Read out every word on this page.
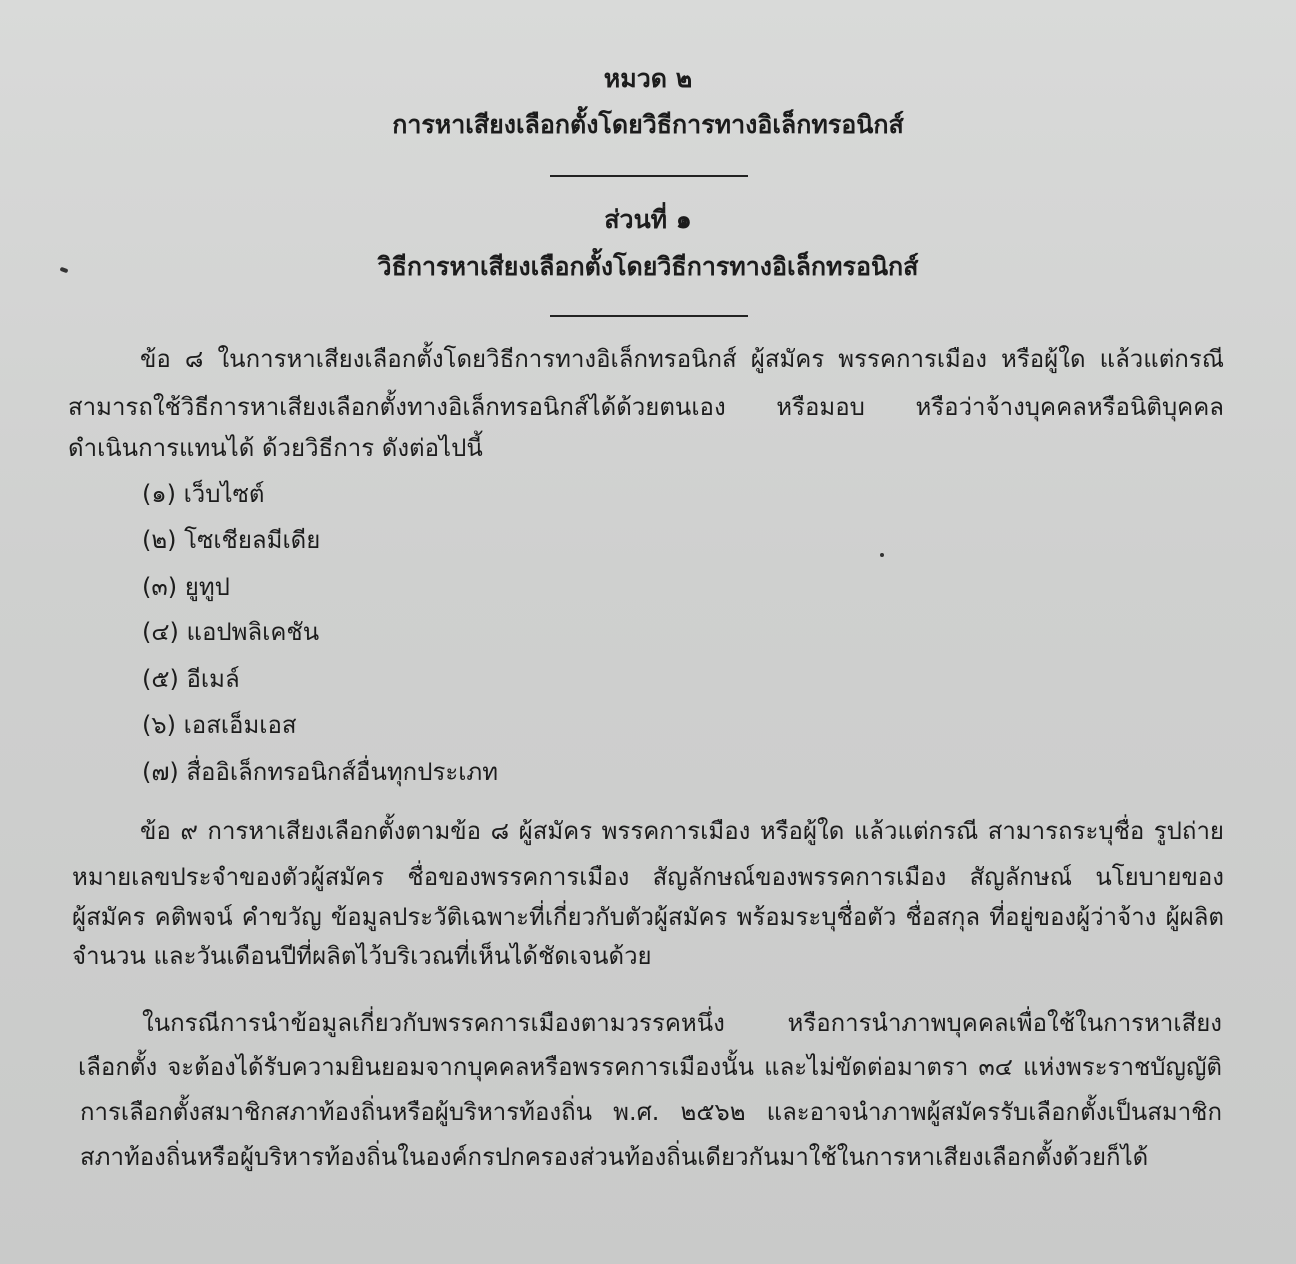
หมวด ๒
การหาเสียงเลือกตั้งโดยวิธีการทางอิเล็กทรอนิกส์
ส่วนที่ ๑
วิธีการหาเสียงเลือกตั้งโดยวิธีการทางอิเล็กทรอนิกส์
ข้อ ๘ ในการหาเสียงเลือกตั้งโดยวิธีการทางอิเล็กทรอนิกส์ ผู้สมัคร พรรคการเมือง หรือผู้ใด แล้วแต่กรณี
สามารถใช้วิธีการหาเสียงเลือกตั้งทางอิเล็กทรอนิกส์ได้ด้วยตนเอง หรือมอบ หรือว่าจ้างบุคคลหรือนิติบุคคล
ดำเนินการแทนได้ ด้วยวิธีการ ดังต่อไปนี้
(๑) เว็บไซต์
(๒) โซเชียลมีเดีย
(๓) ยูทูป
(๔) แอปพลิเคชัน
(๕) อีเมล์
(๖) เอสเอ็มเอส
(๗) สื่ออิเล็กทรอนิกส์อื่นทุกประเภท
ข้อ ๙ การหาเสียงเลือกตั้งตามข้อ ๘ ผู้สมัคร พรรคการเมือง หรือผู้ใด แล้วแต่กรณี สามารถระบุชื่อ รูปถ่าย
หมายเลขประจำของตัวผู้สมัคร ชื่อของพรรคการเมือง สัญลักษณ์ของพรรคการเมือง สัญลักษณ์ นโยบายของ
ผู้สมัคร คติพจน์ คำขวัญ ข้อมูลประวัติเฉพาะที่เกี่ยวกับตัวผู้สมัคร พร้อมระบุชื่อตัว ชื่อสกุล ที่อยู่ของผู้ว่าจ้าง ผู้ผลิต
จำนวน และวันเดือนปีที่ผลิตไว้บริเวณที่เห็นได้ชัดเจนด้วย
ในกรณีการนำข้อมูลเกี่ยวกับพรรคการเมืองตามวรรคหนึ่ง หรือการนำภาพบุคคลเพื่อใช้ในการหาเสียง
เลือกตั้ง จะต้องได้รับความยินยอมจากบุคคลหรือพรรคการเมืองนั้น และไม่ขัดต่อมาตรา ๓๔ แห่งพระราชบัญญัติ
การเลือกตั้งสมาชิกสภาท้องถิ่นหรือผู้บริหารท้องถิ่น พ.ศ. ๒๕๖๒ และอาจนำภาพผู้สมัครรับเลือกตั้งเป็นสมาชิก
สภาท้องถิ่นหรือผู้บริหารท้องถิ่นในองค์กรปกครองส่วนท้องถิ่นเดียวกันมาใช้ในการหาเสียงเลือกตั้งด้วยก็ได้
